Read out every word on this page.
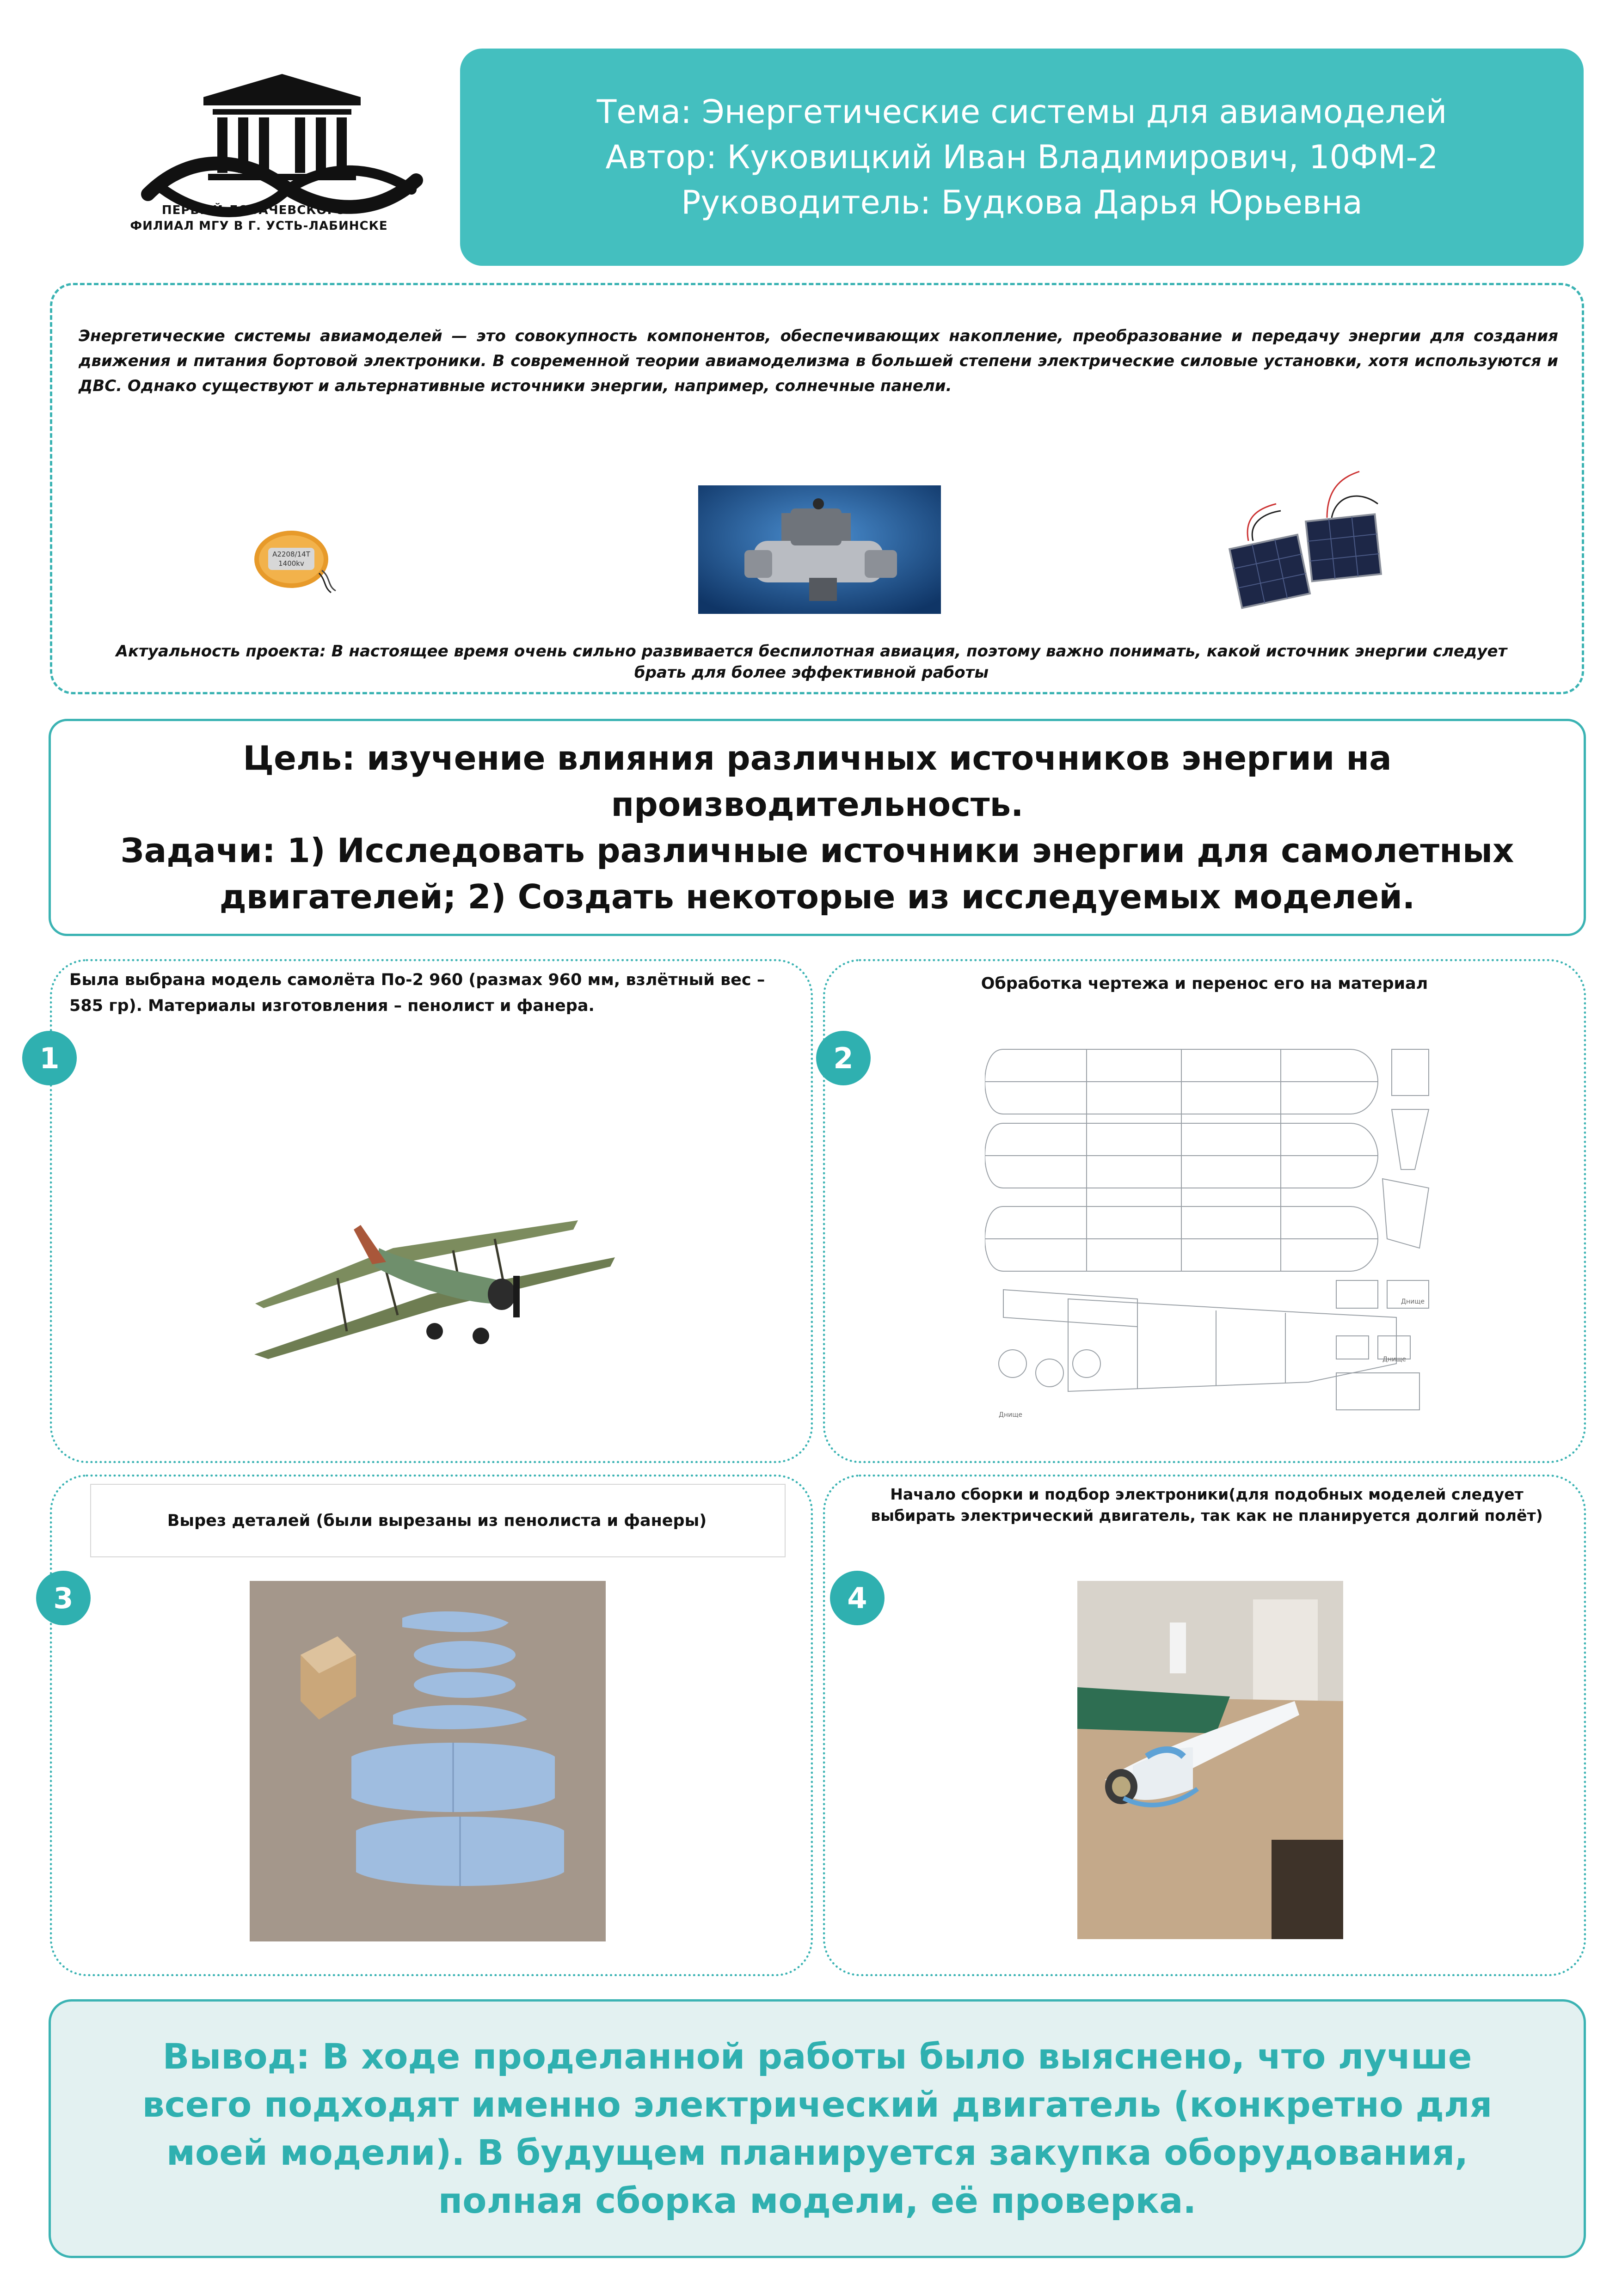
ПЕРВЫЙ ЛОБАЧЕВСКОГО -
ФИЛИАЛ МГУ В Г. УСТЬ-ЛАБИНСКЕ
Тема: Энергетические системы для авиамоделей
Автор: Куковицкий Иван Владимирович, 10ФМ-2
Руководитель: Будкова Дарья Юрьевна
Энергетические системы авиамоделей — это совокупность компонентов, обеспечивающих накопление, преобразование и передачу энергии для создания движения и питания бортовой электроники. В современной теории авиамоделизма в большей степени электрические силовые установки, хотя используются и ДВС. Однако существуют и альтернативные источники энергии, например, солнечные панели.
A2208/14T
1400kv
Актуальность проекта: В настоящее время очень сильно развивается беспилотная авиация, поэтому важно понимать, какой источник энергии следует брать для более эффективной работы
Цель: изучение влияния различных источников энергии на производительность.
Задачи: 1) Исследовать различные источники энергии для самолетных
двигателей; 2) Создать некоторые из исследуемых моделей.
Была выбрана модель самолёта По-2 960 (размах 960 мм, взлётный вес – 585 гр). Материалы изготовления – пенолист и фанера.
1
Обработка чертежа и перенос его на материал
2
Днище
Днище
Днище
Вырез деталей (были вырезаны из пенолиста и фанеры)
3
Начало сборки и подбор электроники(для подобных моделей следует выбирать электрический двигатель, так как не планируется долгий полёт)
4
Вывод: В ходе проделанной работы было выяснено, что лучше
всего подходят именно электрический двигатель (конкретно для
моей модели). В будущем планируется закупка оборудования,
полная сборка модели, её проверка.
